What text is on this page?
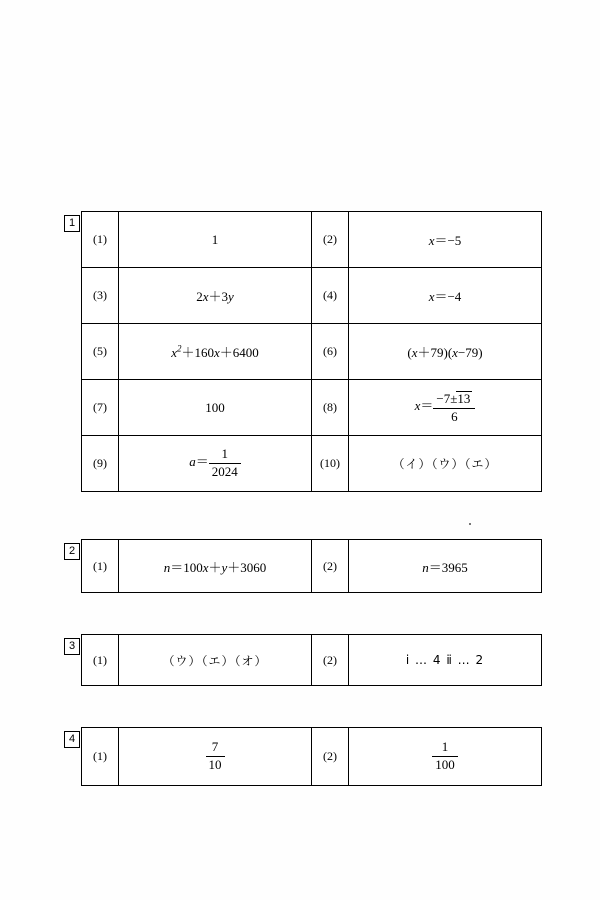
1
(1)	1	(2)	x＝−5
(3)	2x＋3y	(4)	x＝−4
(5)	$x^2+160x+6400$	(6)	(x＋79)(x−79)
(7)	100	(8)	$x= \frac{-7\pm 13}{6}$

(9)	$a= \frac{1}{2024}$	(10)	（イ）（ウ）（エ）
2
(1)	n＝100x＋y＋3060	(2)	n＝3965
3
(1)	（ウ）（エ）（オ）	(2)	ⅰ … 4 ⅱ … 2
4
(1)	$\frac{7}{10}$	(2)	$\frac{1}{100}$
